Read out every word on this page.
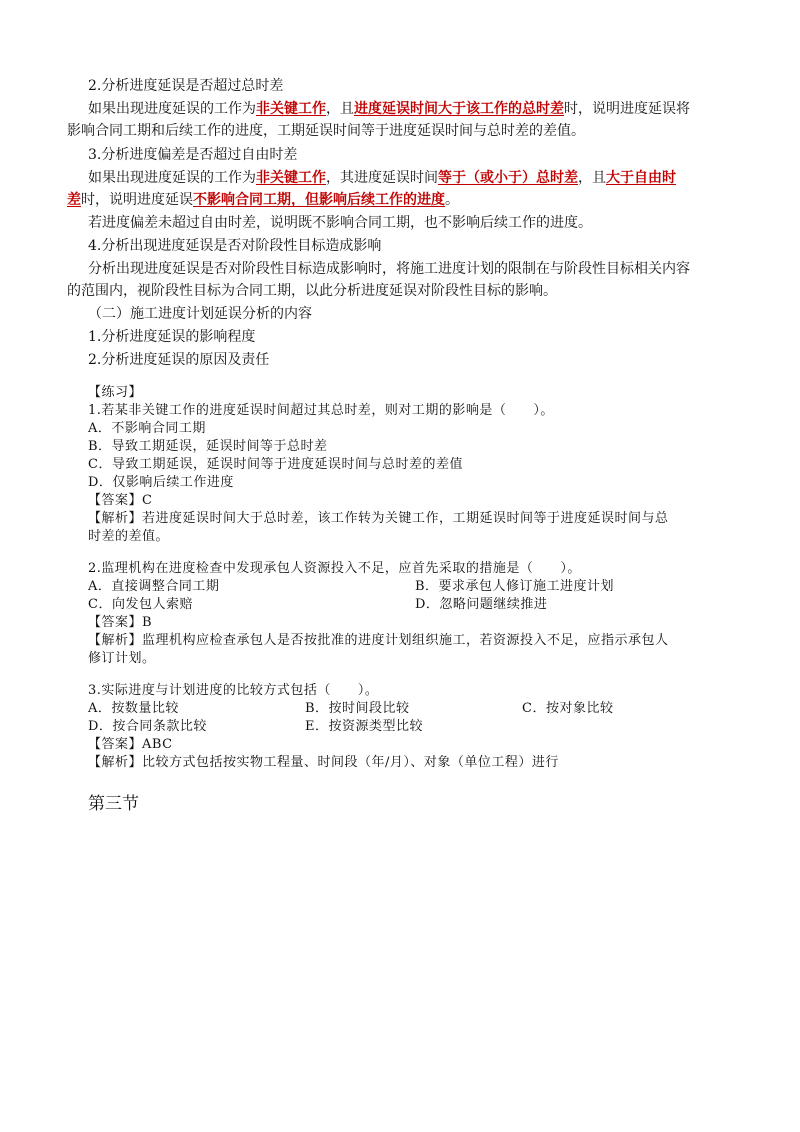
2.分析进度延误是否超过总时差
如果出现进度延误的工作为非关键工作，且进度延误时间大于该工作的总时差时，说明进度延误将
影响合同工期和后续工作的进度，工期延误时间等于进度延误时间与总时差的差值。
3.分析进度偏差是否超过自由时差
如果出现进度延误的工作为非关键工作，其进度延误时间等于（或小于）总时差，且大于自由时
差时，说明进度延误不影响合同工期，但影响后续工作的进度。
若进度偏差未超过自由时差，说明既不影响合同工期，也不影响后续工作的进度。
4.分析出现进度延误是否对阶段性目标造成影响
分析出现进度延误是否对阶段性目标造成影响时，将施工进度计划的限制在与阶段性目标相关内容
的范围内，视阶段性目标为合同工期，以此分析进度延误对阶段性目标的影响。
（二）施工进度计划延误分析的内容
1.分析进度延误的影响程度
2.分析进度延误的原因及责任
【练习】
1.若某非关键工作的进度延误时间超过其总时差，则对工期的影响是（　　）。
A．不影响合同工期
B．导致工期延误，延误时间等于总时差
C．导致工期延误，延误时间等于进度延误时间与总时差的差值
D．仅影响后续工作进度
【答案】C
【解析】若进度延误时间大于总时差，该工作转为关键工作，工期延误时间等于进度延误时间与总
时差的差值。
2.监理机构在进度检查中发现承包人资源投入不足，应首先采取的措施是（　　）。
A．直接调整合同工期	B．要求承包人修订施工进度计划
C．向发包人索赔	D．忽略问题继续推进
【答案】B
【解析】监理机构应检查承包人是否按批准的进度计划组织施工，若资源投入不足，应指示承包人
修订计划。
3.实际进度与计划进度的比较方式包括（　　）。
A．按数量比较	B．按时间段比较	C．按对象比较
D．按合同条款比较	E．按资源类型比较
【答案】ABC
【解析】比较方式包括按实物工程量、时间段（年/月）、对象（单位工程）进行
第三节
